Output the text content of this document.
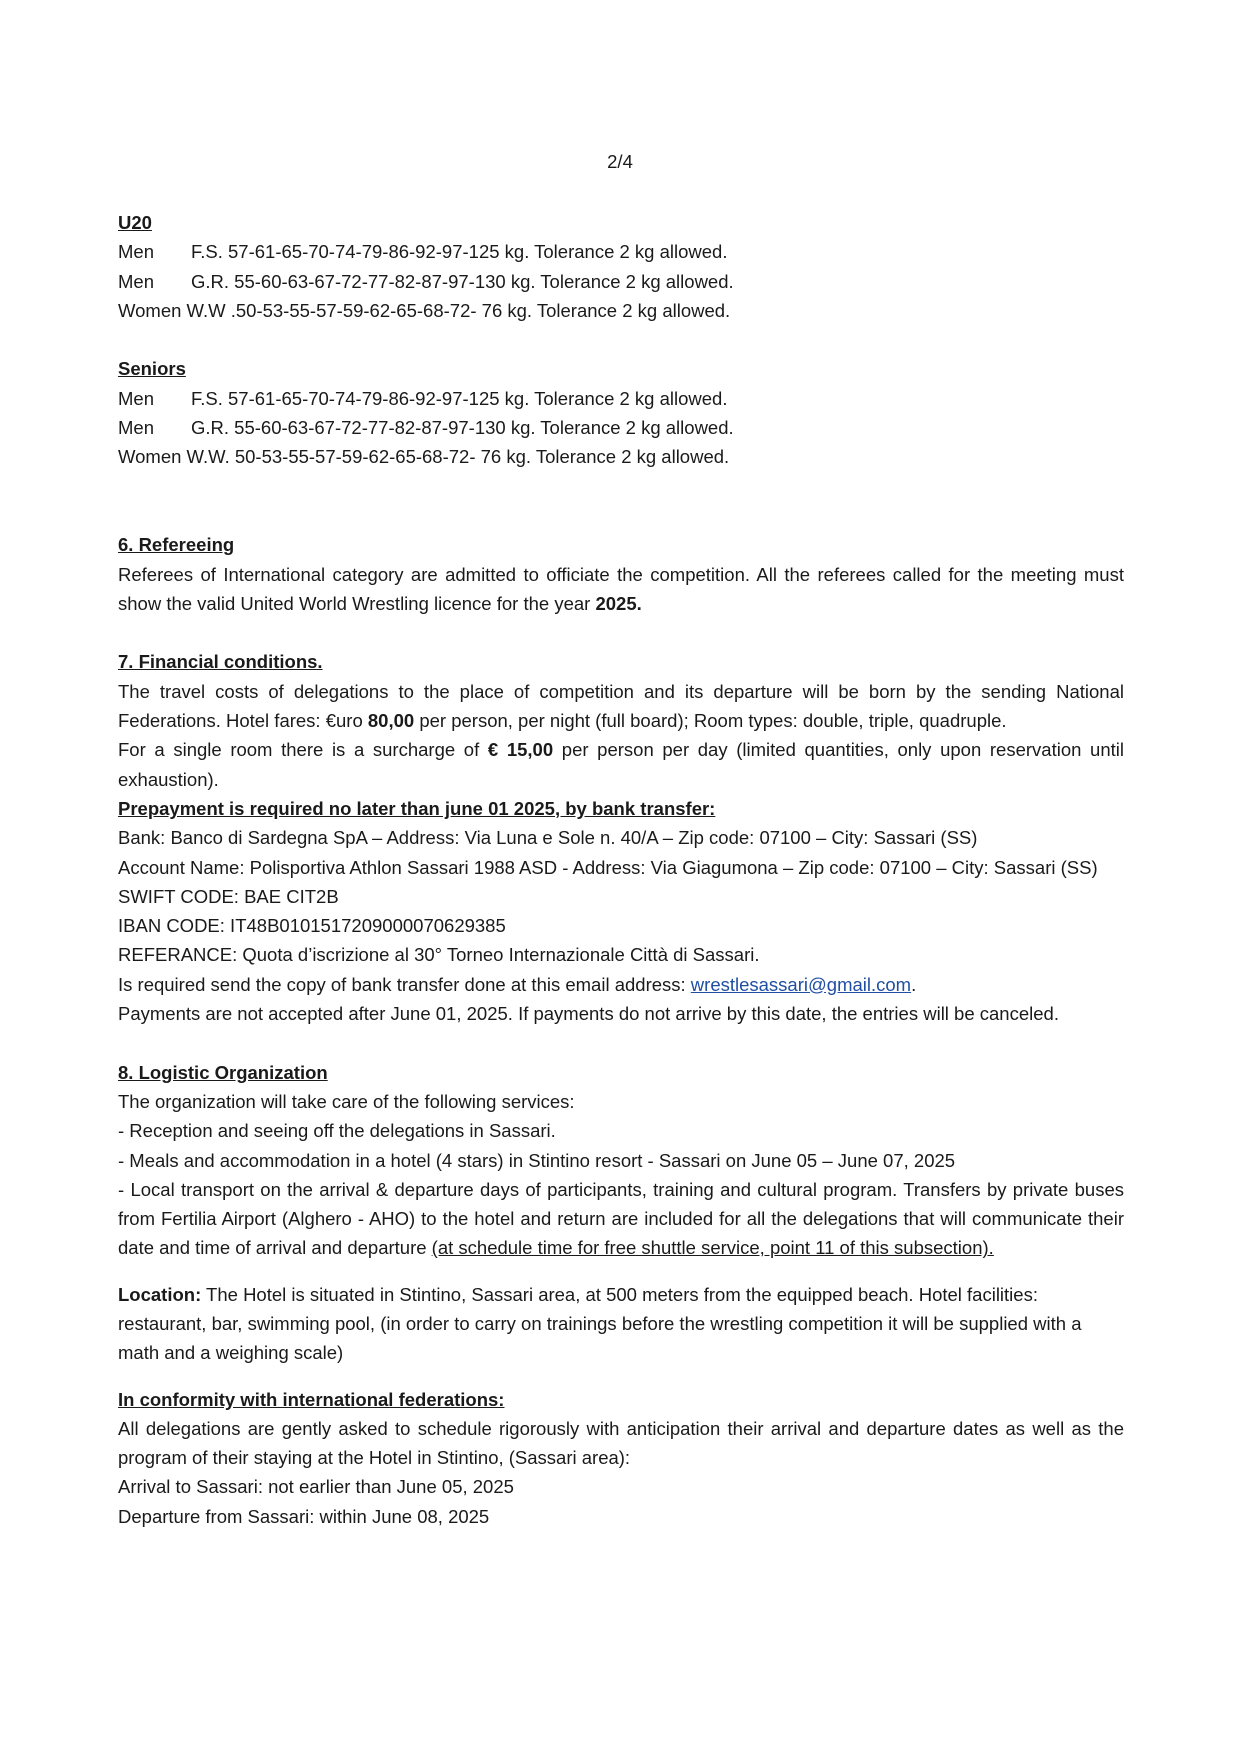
2/4
U20
Men F.S. 57-61-65-70-74-79-86-92-97-125 kg. Tolerance 2 kg allowed.
Men G.R. 55-60-63-67-72-77-82-87-97-130 kg. Tolerance 2 kg allowed.
Women W.W .50-53-55-57-59-62-65-68-72- 76 kg. Tolerance 2 kg allowed.
Seniors
Men F.S. 57-61-65-70-74-79-86-92-97-125 kg. Tolerance 2 kg allowed.
Men G.R. 55-60-63-67-72-77-82-87-97-130 kg. Tolerance 2 kg allowed.
Women W.W. 50-53-55-57-59-62-65-68-72- 76 kg. Tolerance 2 kg allowed.
6. Refereeing
Referees of International category are admitted to officiate the competition. All the referees called for the meeting must show the valid United World Wrestling licence for the year 2025.
7. Financial conditions.
The travel costs of delegations to the place of competition and its departure will be born by the sending National Federations. Hotel fares: €uro 80,00 per person, per night (full board); Room types: double, triple, quadruple.
For a single room there is a surcharge of € 15,00 per person per day (limited quantities, only upon reservation until exhaustion).
Prepayment is required no later than june 01 2025, by bank transfer:
Bank: Banco di Sardegna SpA – Address: Via Luna e Sole n. 40/A – Zip code: 07100 – City: Sassari (SS)
Account Name: Polisportiva Athlon Sassari 1988 ASD - Address: Via Giagumona – Zip code: 07100 – City: Sassari (SS)
SWIFT CODE: BAE CIT2B
IBAN CODE: IT48B0101517209000070629385
REFERANCE: Quota d’iscrizione al 30° Torneo Internazionale Città di Sassari.
Is required send the copy of bank transfer done at this email address: wrestlesassari@gmail.com.
Payments are not accepted after June 01, 2025. If payments do not arrive by this date, the entries will be canceled.
8. Logistic Organization
The organization will take care of the following services:
- Reception and seeing off the delegations in Sassari.
- Meals and accommodation in a hotel (4 stars) in Stintino resort - Sassari on June 05 – June 07, 2025
- Local transport on the arrival & departure days of participants, training and cultural program. Transfers by private buses from Fertilia Airport (Alghero - AHO) to the hotel and return are included for all the delegations that will communicate their date and time of arrival and departure (at schedule time for free shuttle service, point 11 of this subsection).
Location: The Hotel is situated in Stintino, Sassari area, at 500 meters from the equipped beach. Hotel facilities: restaurant, bar, swimming pool, (in order to carry on trainings before the wrestling competition it will be supplied with a math and a weighing scale)
In conformity with international federations:
All delegations are gently asked to schedule rigorously with anticipation their arrival and departure dates as well as the program of their staying at the Hotel in Stintino, (Sassari area):
Arrival to Sassari: not earlier than June 05, 2025
Departure from Sassari: within June 08, 2025
